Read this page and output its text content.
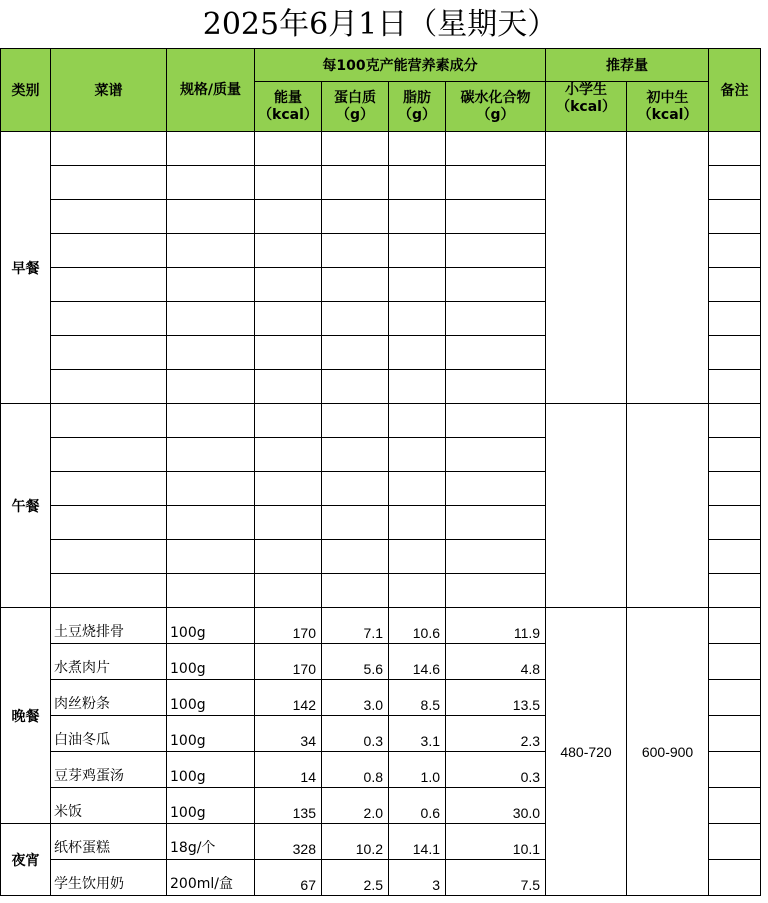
2025年6月1日（星期天）
类别	菜谱	规格/质量	每100克产能营养素成分				推荐量		备注
			能量（kcal）	蛋白质（g）	脂肪（g）	碳水化合物（g）	小学生（kcal）	初中生（kcal）	
早餐									

午餐									

晚餐	土豆烧排骨	100g	170	7.1	10.6	11.9	480-720	600-900	
	水煮肉片	100g	170	5.6	14.6	4.8			
	肉丝粉条	100g	142	3.0	8.5	13.5			
	白油冬瓜	100g	34	0.3	3.1	2.3			
	豆芽鸡蛋汤	100g	14	0.8	1.0	0.3			
	米饭	100g	135	2.0	0.6	30.0			
夜宵	纸杯蛋糕	18g/个	328	10.2	14.1	10.1			
	学生饮用奶	200ml/盒	67	2.5	3	7.5			
